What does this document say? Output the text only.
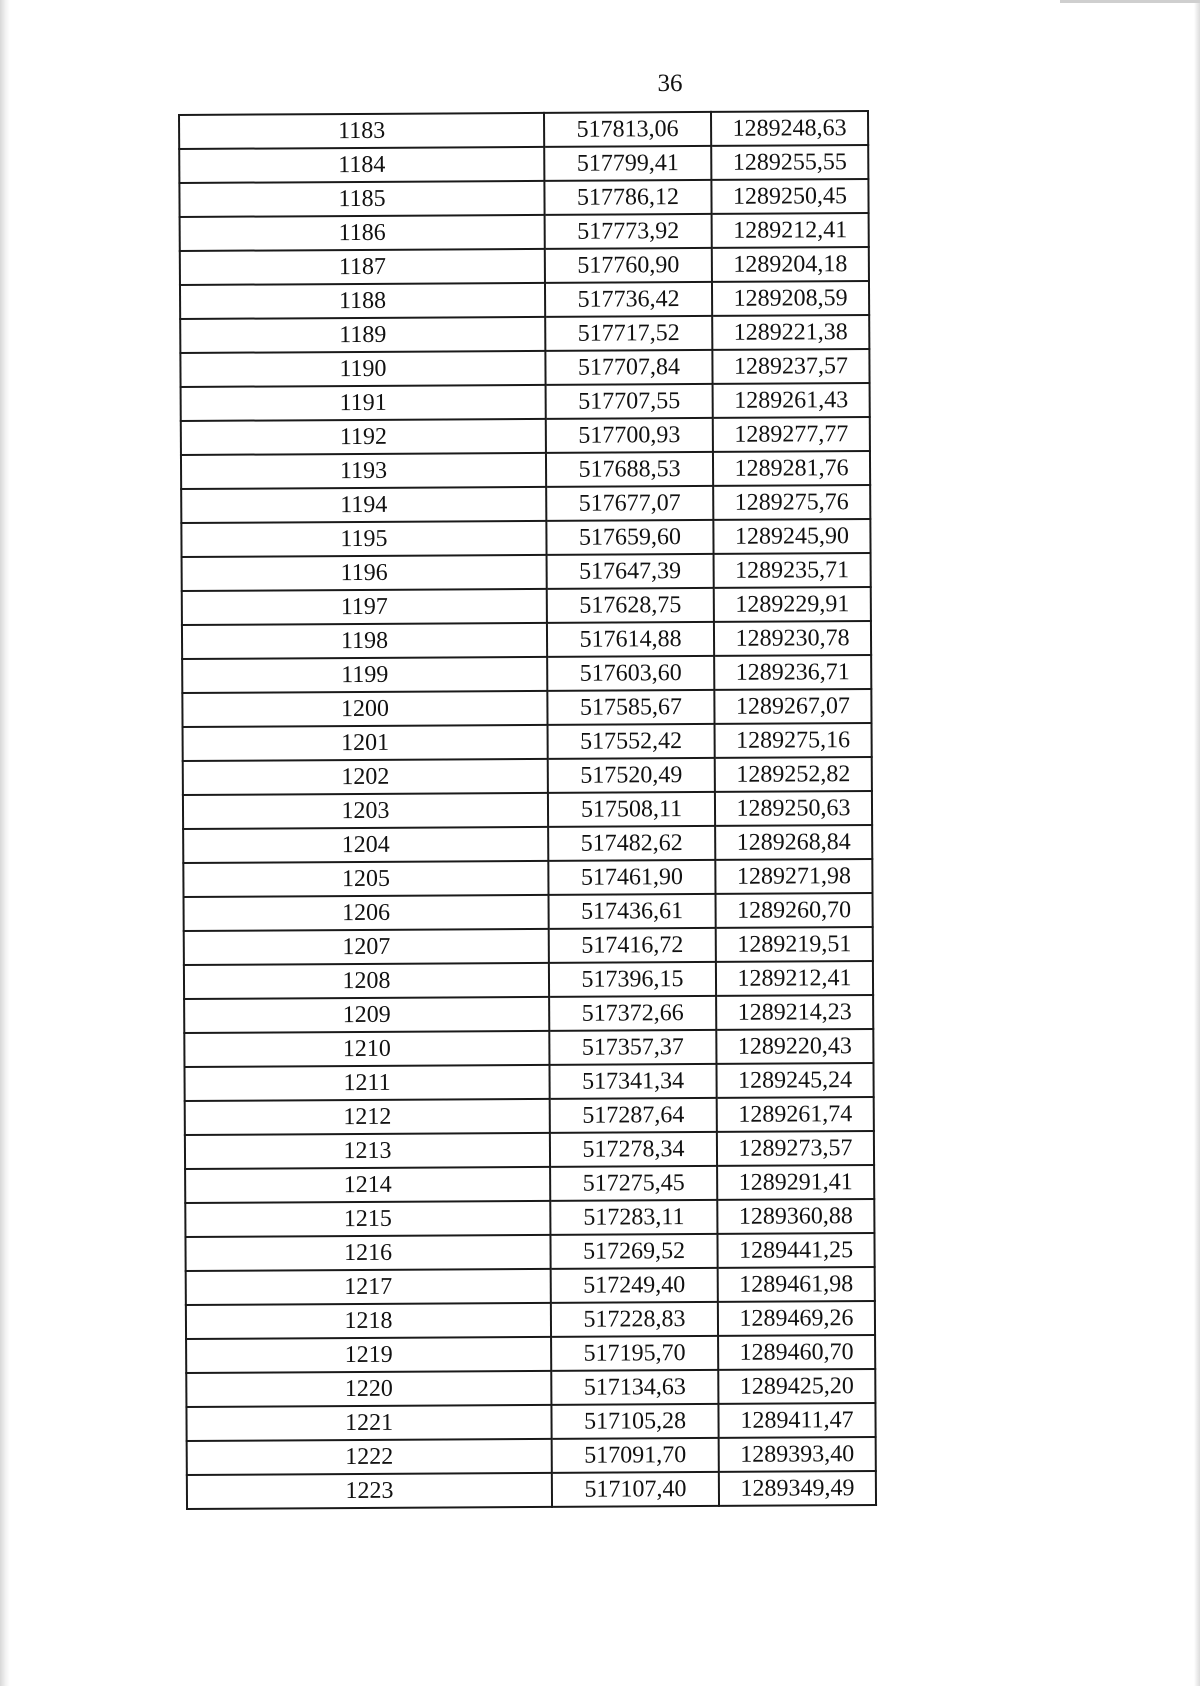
36
1183	517813,06	1289248,63
1184	517799,41	1289255,55
1185	517786,12	1289250,45
1186	517773,92	1289212,41
1187	517760,90	1289204,18
1188	517736,42	1289208,59
1189	517717,52	1289221,38
1190	517707,84	1289237,57
1191	517707,55	1289261,43
1192	517700,93	1289277,77
1193	517688,53	1289281,76
1194	517677,07	1289275,76
1195	517659,60	1289245,90
1196	517647,39	1289235,71
1197	517628,75	1289229,91
1198	517614,88	1289230,78
1199	517603,60	1289236,71
1200	517585,67	1289267,07
1201	517552,42	1289275,16
1202	517520,49	1289252,82
1203	517508,11	1289250,63
1204	517482,62	1289268,84
1205	517461,90	1289271,98
1206	517436,61	1289260,70
1207	517416,72	1289219,51
1208	517396,15	1289212,41
1209	517372,66	1289214,23
1210	517357,37	1289220,43
1211	517341,34	1289245,24
1212	517287,64	1289261,74
1213	517278,34	1289273,57
1214	517275,45	1289291,41
1215	517283,11	1289360,88
1216	517269,52	1289441,25
1217	517249,40	1289461,98
1218	517228,83	1289469,26
1219	517195,70	1289460,70
1220	517134,63	1289425,20
1221	517105,28	1289411,47
1222	517091,70	1289393,40
1223	517107,40	1289349,49
